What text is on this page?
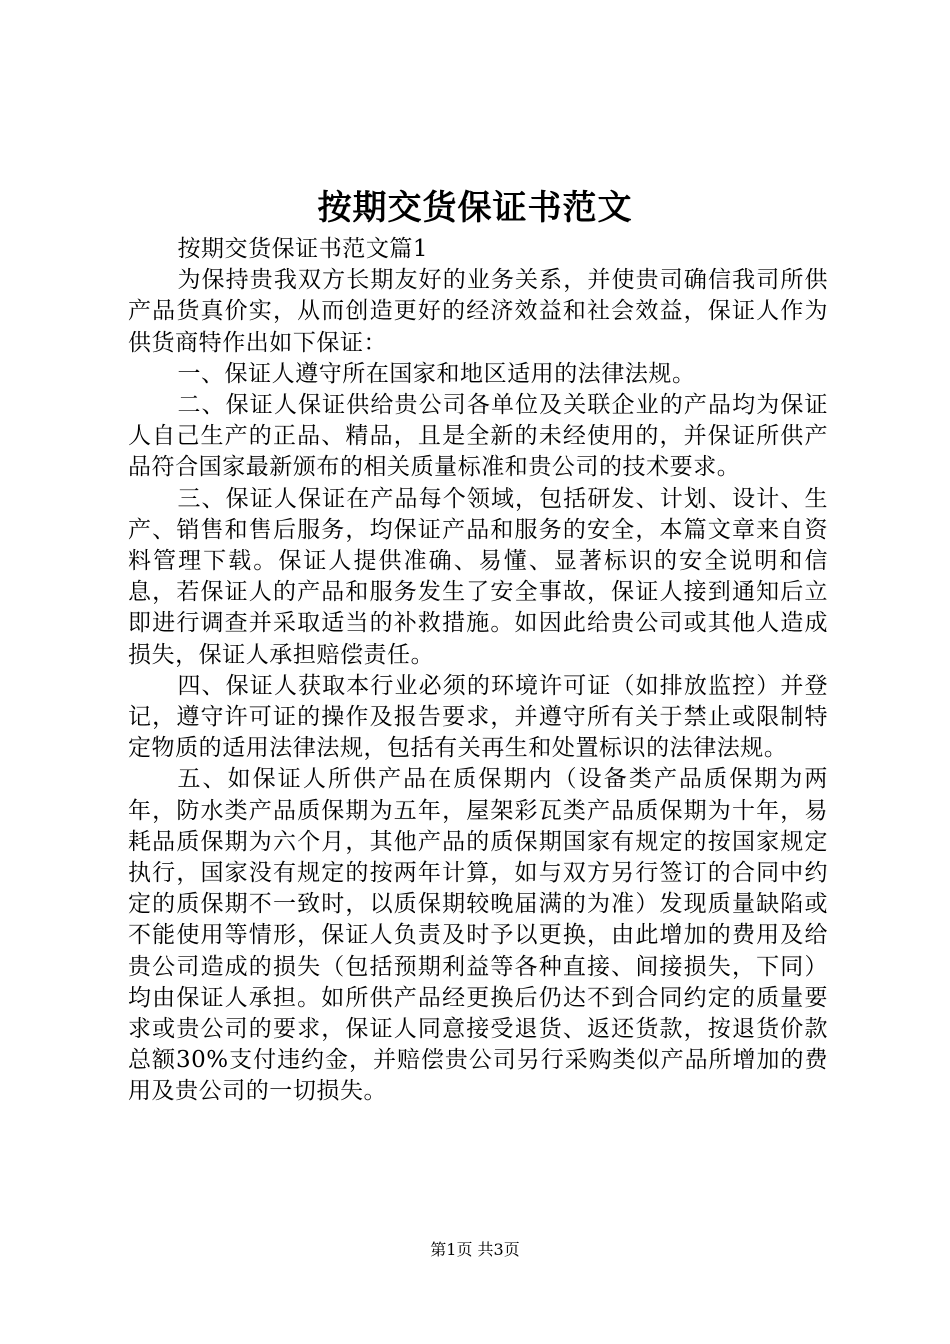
按期交货保证书范文

按期交货保证书范文篇1

为保持贵我双方长期友好的业务关系，并使贵司确信我司所供产品货真价实，从而创造更好的经济效益和社会效益，保证人作为供货商特作出如下保证：

一、保证人遵守所在国家和地区适用的法律法规。

二、保证人保证供给贵公司各单位及关联企业的产品均为保证人自己生产的正品、精品，且是全新的未经使用的，并保证所供产品符合国家最新颁布的相关质量标准和贵公司的技术要求。

三、保证人保证在产品每个领域，包括研发、计划、设计、生产、销售和售后服务，均保证产品和服务的安全，本篇文章来自资料管理下载。保证人提供准确、易懂、显著标识的安全说明和信息，若保证人的产品和服务发生了安全事故，保证人接到通知后立即进行调查并采取适当的补救措施。如因此给贵公司或其他人造成损失，保证人承担赔偿责任。

四、保证人获取本行业必须的环境许可证（如排放监控）并登记，遵守许可证的操作及报告要求，并遵守所有关于禁止或限制特定物质的适用法律法规，包括有关再生和处置标识的法律法规。

五、如保证人所供产品在质保期内（设备类产品质保期为两年，防水类产品质保期为五年，屋架彩瓦类产品质保期为十年，易耗品质保期为六个月，其他产品的质保期国家有规定的按国家规定执行，国家没有规定的按两年计算，如与双方另行签订的合同中约定的质保期不一致时，以质保期较晚届满的为准）发现质量缺陷或不能使用等情形，保证人负责及时予以更换，由此增加的费用及给贵公司造成的损失（包括预期利益等各种直接、间接损失，下同）均由保证人承担。如所供产品经更换后仍达不到合同约定的质量要求或贵公司的要求，保证人同意接受退货、返还货款，按退货价款总额30%支付违约金，并赔偿贵公司另行采购类似产品所增加的费用及贵公司的一切损失。

第1页 共3页
